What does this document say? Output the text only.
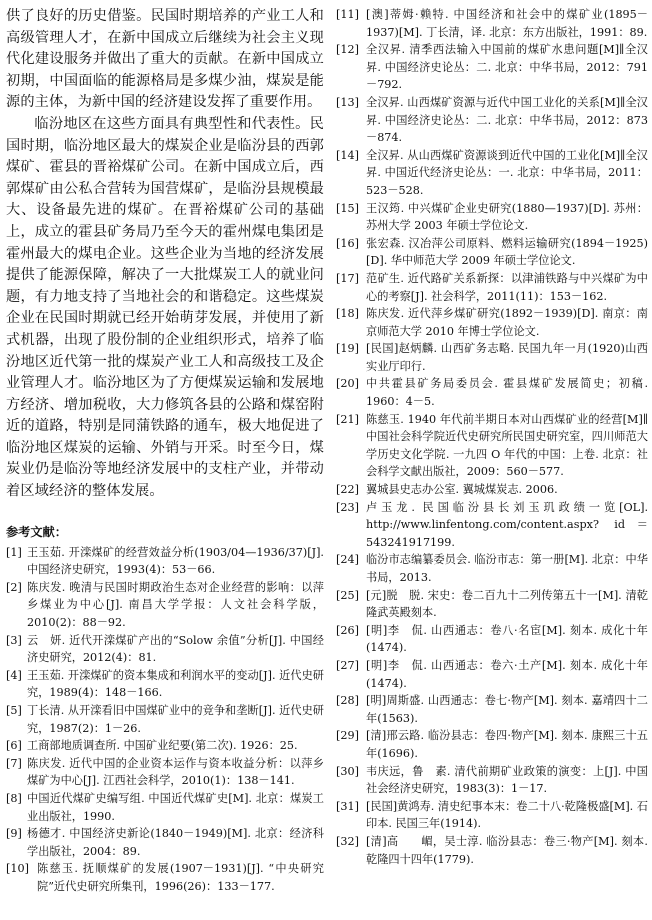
供了良好的历史借鉴。民国时期培养的产业工人和高级管理人才，在新中国成立后继续为社会主义现代化建设服务并做出了重大的贡献。在新中国成立初期，中国面临的能源格局是多煤少油，煤炭是能源的主体，为新中国的经济建设发挥了重要作用。

临汾地区在这些方面具有典型性和代表性。民国时期，临汾地区最大的煤炭企业是临汾县的西郭煤矿、霍县的晋裕煤矿公司。在新中国成立后，西郭煤矿由公私合营转为国营煤矿，是临汾县规模最大、设备最先进的煤矿。在晋裕煤矿公司的基础上，成立的霍县矿务局乃至今天的霍州煤电集团是霍州最大的煤电企业。这些企业为当地的经济发展提供了能源保障，解决了一大批煤炭工人的就业问题，有力地支持了当地社会的和谐稳定。这些煤炭企业在民国时期就已经开始萌芽发展，并使用了新式机器，出现了股份制的企业组织形式，培养了临汾地区近代第一批的煤炭产业工人和高级技工及企业管理人才。临汾地区为了方便煤炭运输和发展地方经济、增加税收，大力修筑各县的公路和煤窑附近的道路，特别是同蒲铁路的通车，极大地促进了临汾地区煤炭的运输、外销与开采。时至今日，煤炭业仍是临汾等地经济发展中的支柱产业，并带动着区域经济的整体发展。

参考文献：
[1] 王玉茹. 开滦煤矿的经营效益分析(1903/04—1936/37)[J]. 中国经济史研究，1993(4)：53－66.
[2] 陈庆发. 晚清与民国时期政治生态对企业经营的影响：以萍乡煤业为中心[J]. 南昌大学学报：人文社会科学版，2010(2)：88－92.
[3] 云　妍. 近代开滦煤矿产出的“Solow 余值”分析[J]. 中国经济史研究，2012(4)：81.
[4] 王玉茹. 开滦煤矿的资本集成和利润水平的变动[J]. 近代史研究，1989(4)：148－166.
[5] 丁长清. 从开滦看旧中国煤矿业中的竞争和垄断[J]. 近代史研究，1987(2)：1－26.
[6] 工商部地质调查所. 中国矿业纪要(第二次). 1926：25.
[7] 陈庆发. 近代中国的企业资本运作与资本收益分析：以萍乡煤矿为中心[J]. 江西社会科学，2010(1)：138－141.
[8] 中国近代煤矿史编写组. 中国近代煤矿史[M]. 北京：煤炭工业出版社，1990.
[9] 杨德才. 中国经济史新论(1840－1949)[M]. 北京：经济科学出版社，2004：89.
[10] 陈慈玉. 抚顺煤矿的发展(1907－1931)[J]. “中央研究院”近代史研究所集刊，1996(26)：133－177.
[11] [澳]蒂姆·赖特. 中国经济和社会中的煤矿业(1895－1937)[M]. 丁长清，译. 北京：东方出版社，1991：89.
[12] 全汉昇. 清季西法输入中国前的煤矿水患问题[M]∥全汉昇. 中国经济史论丛：二. 北京：中华书局，2012：791－792.
[13] 全汉昇. 山西煤矿资源与近代中国工业化的关系[M]∥全汉昇. 中国经济史论丛：二. 北京：中华书局，2012：873－874.
[14] 全汉昇. 从山西煤矿资源谈到近代中国的工业化[M]∥全汉昇. 中国近代经济史论丛：一. 北京：中华书局，2011：523－528.
[15] 王汉筠. 中兴煤矿企业史研究(1880—1937)[D]. 苏州：苏州大学 2003 年硕士学位论文.
[16] 张宏森. 汉冶萍公司原料、燃料运输研究(1894－1925)[D]. 华中师范大学 2009 年硕士学位论文.
[17] 范矿生. 近代路矿关系新探：以津浦铁路与中兴煤矿为中心的考察[J]. 社会科学，2011(11)：153－162.
[18] 陈庆发. 近代萍乡煤矿研究(1892－1939)[D]. 南京：南京师范大学 2010 年博士学位论文.
[19] [民国]赵炳麟. 山西矿务志略. 民国九年一月(1920)山西实业厅印行.
[20] 中共霍县矿务局委员会. 霍县煤矿发展简史；初稿. 1960：4－5.
[21] 陈慈玉. 1940 年代前半期日本对山西煤矿业的经营[M]∥中国社会科学院近代史研究所民国史研究室，四川师范大学历史文化学院. 一九四 O 年代的中国：上卷. 北京：社会科学文献出版社，2009：560－577.
[22] 翼城县史志办公室. 翼城煤炭志. 2006.
[23] 卢玉龙. 民国临汾县长刘玉玑政绩一览[OL]. http://www.linfentong.com/content.aspx? id＝543241917199.
[24] 临汾市志编纂委员会. 临汾市志：第一册[M]. 北京：中华书局，2013.
[25] [元]脱　脱. 宋史：卷二百九十二列传第五十一[M]. 清乾隆武英殿刻本.
[26] [明]李　侃. 山西通志：卷八·名宦[M]. 刻本. 成化十年(1474).
[27] [明]李　侃. 山西通志：卷六·土产[M]. 刻本. 成化十年(1474).
[28] [明]周斯盛. 山西通志：卷七·物产[M]. 刻本. 嘉靖四十二年(1563).
[29] [清]邢云路. 临汾县志：卷四·物产[M]. 刻本. 康熙三十五年(1696).
[30] 韦庆远，鲁　素. 清代前期矿业政策的演变：上[J]. 中国社会经济史研究，1983(3)：1－17.
[31] [民国]黄鸿寿. 清史纪事本末：卷二十八·乾隆极盛[M]. 石印本. 民国三年(1914).
[32] [清]高　　嵋，吴士淳. 临汾县志：卷三·物产[M]. 刻本. 乾隆四十四年(1779).
